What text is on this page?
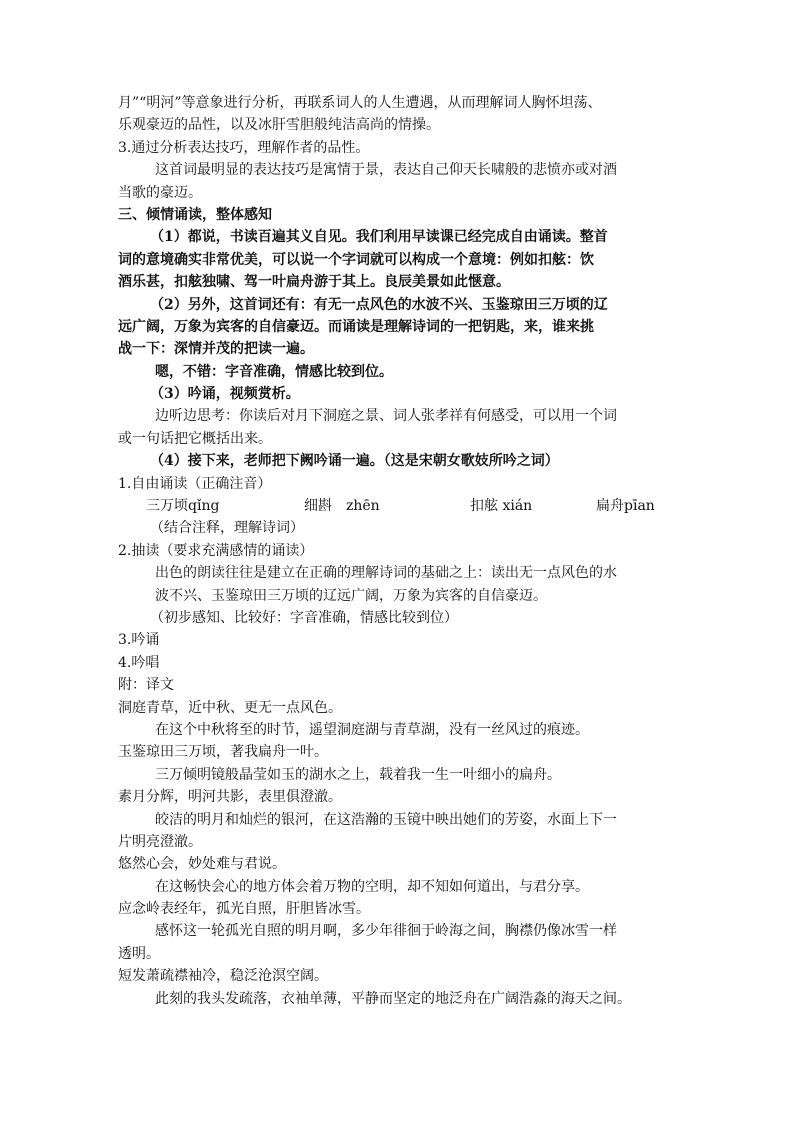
月”“明河”等意象进行分析，再联系词人的人生遭遇，从而理解词人胸怀坦荡、
乐观豪迈的品性，以及冰肝雪胆般纯洁高尚的情操。
3.通过分析表达技巧，理解作者的品性。
这首词最明显的表达技巧是寓情于景，表达自己仰天长啸般的悲愤亦或对酒
当歌的豪迈。
三、倾情诵读，整体感知
（1）都说，书读百遍其义自见。我们利用早读课已经完成自由诵读。整首
词的意境确实非常优美，可以说一个字词就可以构成一个意境：例如扣舷：饮
酒乐甚，扣舷独啸、驾一叶扁舟游于其上。良辰美景如此惬意。
（2）另外，这首词还有：有无一点风色的水波不兴、玉鉴琼田三万顷的辽
远广阔，万象为宾客的自信豪迈。而诵读是理解诗词的一把钥匙，来，谁来挑
战一下：深情并茂的把读一遍。
嗯，不错：字音准确，情感比较到位。
（3）吟诵，视频赏析。
边听边思考：你读后对月下洞庭之景、词人张孝祥有何感受，可以用一个词
或一句话把它概括出来。
（4）接下来，老师把下阙吟诵一遍。（这是宋朝女歌妓所吟之词）
1.自由诵读（正确注音）
三万顷qǐng	细斟　zhēn	扣舷 xián	扁舟pīan
（结合注释，理解诗词）
2.抽读（要求充满感情的诵读）
出色的朗读往往是建立在正确的理解诗词的基础之上：读出无一点风色的水
波不兴、玉鉴琼田三万顷的辽远广阔，万象为宾客的自信豪迈。
（初步感知、比较好：字音准确，情感比较到位）
3.吟诵
4.吟唱
附：译文
洞庭青草，近中秋、更无一点风色。
在这个中秋将至的时节，遥望洞庭湖与青草湖，没有一丝风过的痕迹。
玉鉴琼田三万顷，著我扁舟一叶。
三万倾明镜般晶莹如玉的湖水之上，载着我一生一叶细小的扁舟。
素月分辉，明河共影，表里俱澄澈。
皎洁的明月和灿烂的银河，在这浩瀚的玉镜中映出她们的芳姿，水面上下一
片明亮澄澈。
悠然心会，妙处难与君说。
在这畅快会心的地方体会着万物的空明，却不知如何道出，与君分享。
应念岭表经年，孤光自照，肝胆皆冰雪。
感怀这一轮孤光自照的明月啊，多少年徘徊于岭海之间，胸襟仍像冰雪一样
透明。
短发萧疏襟袖冷，稳泛沧溟空阔。
此刻的我头发疏落，衣袖单薄，平静而坚定的地泛舟在广阔浩淼的海天之间。
